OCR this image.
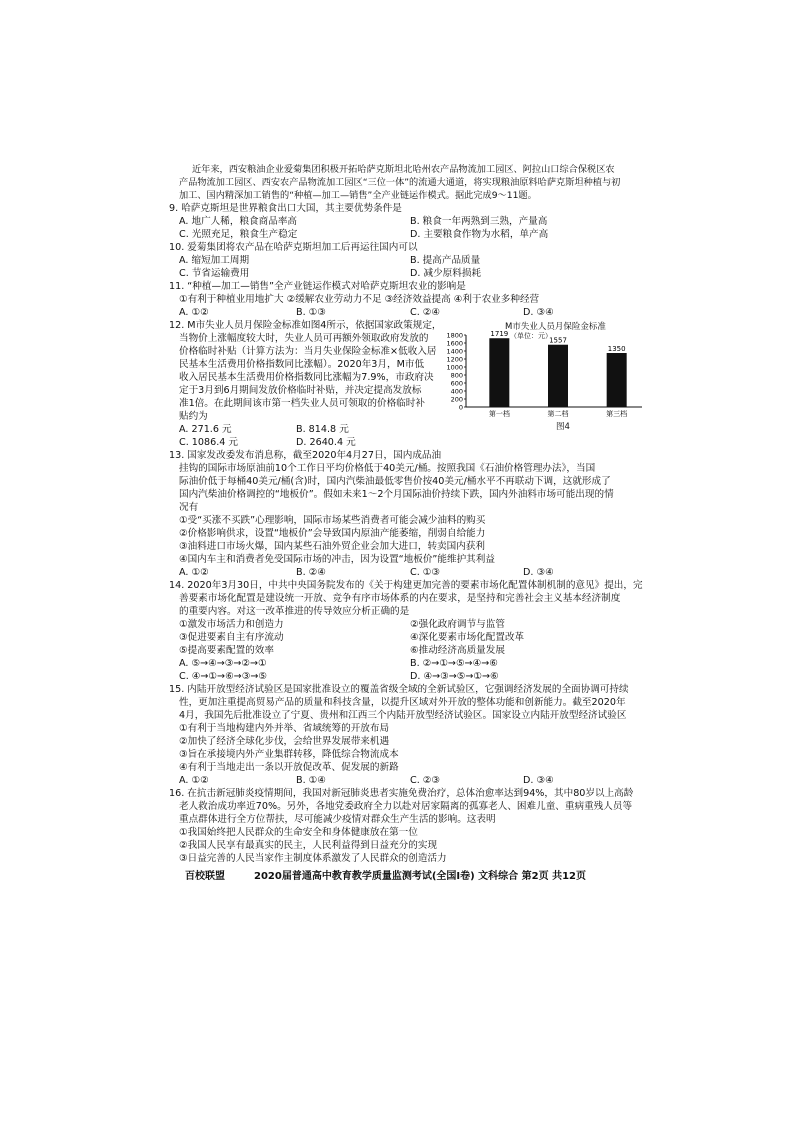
近年来，西安粮油企业爱菊集团积极开拓哈萨克斯坦北哈州农产品物流加工园区、阿拉山口综合保税区农
产品物流加工园区、西安农产品物流加工园区“三位一体”的流通大通道，将实现粮油原料哈萨克斯坦种植与初
加工、国内精深加工销售的“种植—加工—销售”全产业链运作模式。据此完成9～11题。
9. 哈萨克斯坦是世界粮食出口大国，其主要优势条件是
A. 地广人稀，粮食商品率高	B. 粮食一年两熟到三熟，产量高
C. 光照充足，粮食生产稳定	D. 主要粮食作物为水稻，单产高
10. 爱菊集团将农产品在哈萨克斯坦加工后再运往国内可以
A. 缩短加工周期	B. 提高产品质量
C. 节省运输费用	D. 减少原料损耗
11. “种植—加工—销售”全产业链运作模式对哈萨克斯坦农业的影响是
①有利于种植业用地扩大 ②缓解农业劳动力不足 ③经济效益提高 ④利于农业多种经营
A. ①②	B. ①③	C. ②④	D. ③④
12. M市失业人员月保险金标准如图4所示，依据国家政策规定，
当物价上涨幅度较大时，失业人员可再额外领取政府发放的
价格临时补贴（计算方法为：当月失业保险金标准×低收入居
民基本生活费用价格指数同比涨幅）。2020年3月，M市低
收入居民基本生活费用价格指数同比涨幅为7.9%，市政府决
定于3月到6月期间发放价格临时补贴，并决定提高发放标
准1倍。在此期间该市第一档失业人员可领取的价格临时补
贴约为
A. 271.6 元	B. 814.8 元
C. 1086.4 元	D. 2640.4 元
M市失业人员月保险金标准
（单位：元）
1800
1600
1400
1200
1000
800
600
400
200
0
1719
第一档
1557
第二档
1350
第三档
图4
13. 国家发改委发布消息称，截至2020年4月27日，国内成品油
挂钩的国际市场原油前10个工作日平均价格低于40美元/桶。按照我国《石油价格管理办法》，当国
际油价低于每桶40美元/桶(含)时，国内汽柴油最低零售价按40美元/桶水平不再联动下调，这就形成了
国内汽柴油价格调控的“地板价”。假如未来1～2个月国际油价持续下跌，国内外油料市场可能出现的情
况有
①受“买涨不买跌”心理影响，国际市场某些消费者可能会减少油料的购买
②价格影响供求，设置“地板价”会导致国内原油产能萎缩，削弱自给能力
③油料进口市场火爆，国内某些石油外贸企业会加大进口，转卖国内获利
④国内车主和消费者免受国际市场的冲击，因为设置“地板价”能维护其利益
A. ①②	B. ②④	C. ①③	D. ③④
14. 2020年3月30日，中共中央国务院发布的《关于构建更加完善的要素市场化配置体制机制的意见》提出，完
善要素市场化配置是建设统一开放、竞争有序市场体系的内在要求，是坚持和完善社会主义基本经济制度
的重要内容。对这一改革推进的传导效应分析正确的是
①激发市场活力和创造力	②强化政府调节与监管
③促进要素自主有序流动	④深化要素市场化配置改革
⑤提高要素配置的效率	⑥推动经济高质量发展
A. ⑤→④→③→②→①	B. ②→①→⑤→④→⑥
C. ④→①→⑥→③→⑤	D. ④→③→⑤→①→⑥
15. 内陆开放型经济试验区是国家批准设立的覆盖省级全域的全新试验区，它强调经济发展的全面协调可持续
性，更加注重提高贸易产品的质量和科技含量，以提升区域对外开放的整体功能和创新能力。截至2020年
4月，我国先后批准设立了宁夏、贵州和江西三个内陆开放型经济试验区。国家设立内陆开放型经济试验区
①有利于当地构建内外并举、省域统筹的开放布局
②加快了经济全球化步伐，会给世界发展带来机遇
③旨在承接境内外产业集群转移，降低综合物流成本
④有利于当地走出一条以开放促改革、促发展的新路
A. ①②	B. ①④	C. ②③	D. ③④
16. 在抗击新冠肺炎疫情期间，我国对新冠肺炎患者实施免费治疗，总体治愈率达到94%，其中80岁以上高龄
老人救治成功率近70%。另外，各地党委政府全力以赴对居家隔离的孤寡老人、困难儿童、重病重残人员等
重点群体进行全方位帮扶，尽可能减少疫情对群众生产生活的影响。这表明
①我国始终把人民群众的生命安全和身体健康放在第一位
②我国人民享有最真实的民主，人民利益得到日益充分的实现
③日益完善的人民当家作主制度体系激发了人民群众的创造活力
百校联盟	2020届普通高中教育教学质量监测考试(全国Ⅰ卷) 文科综合 第2页 共12页
